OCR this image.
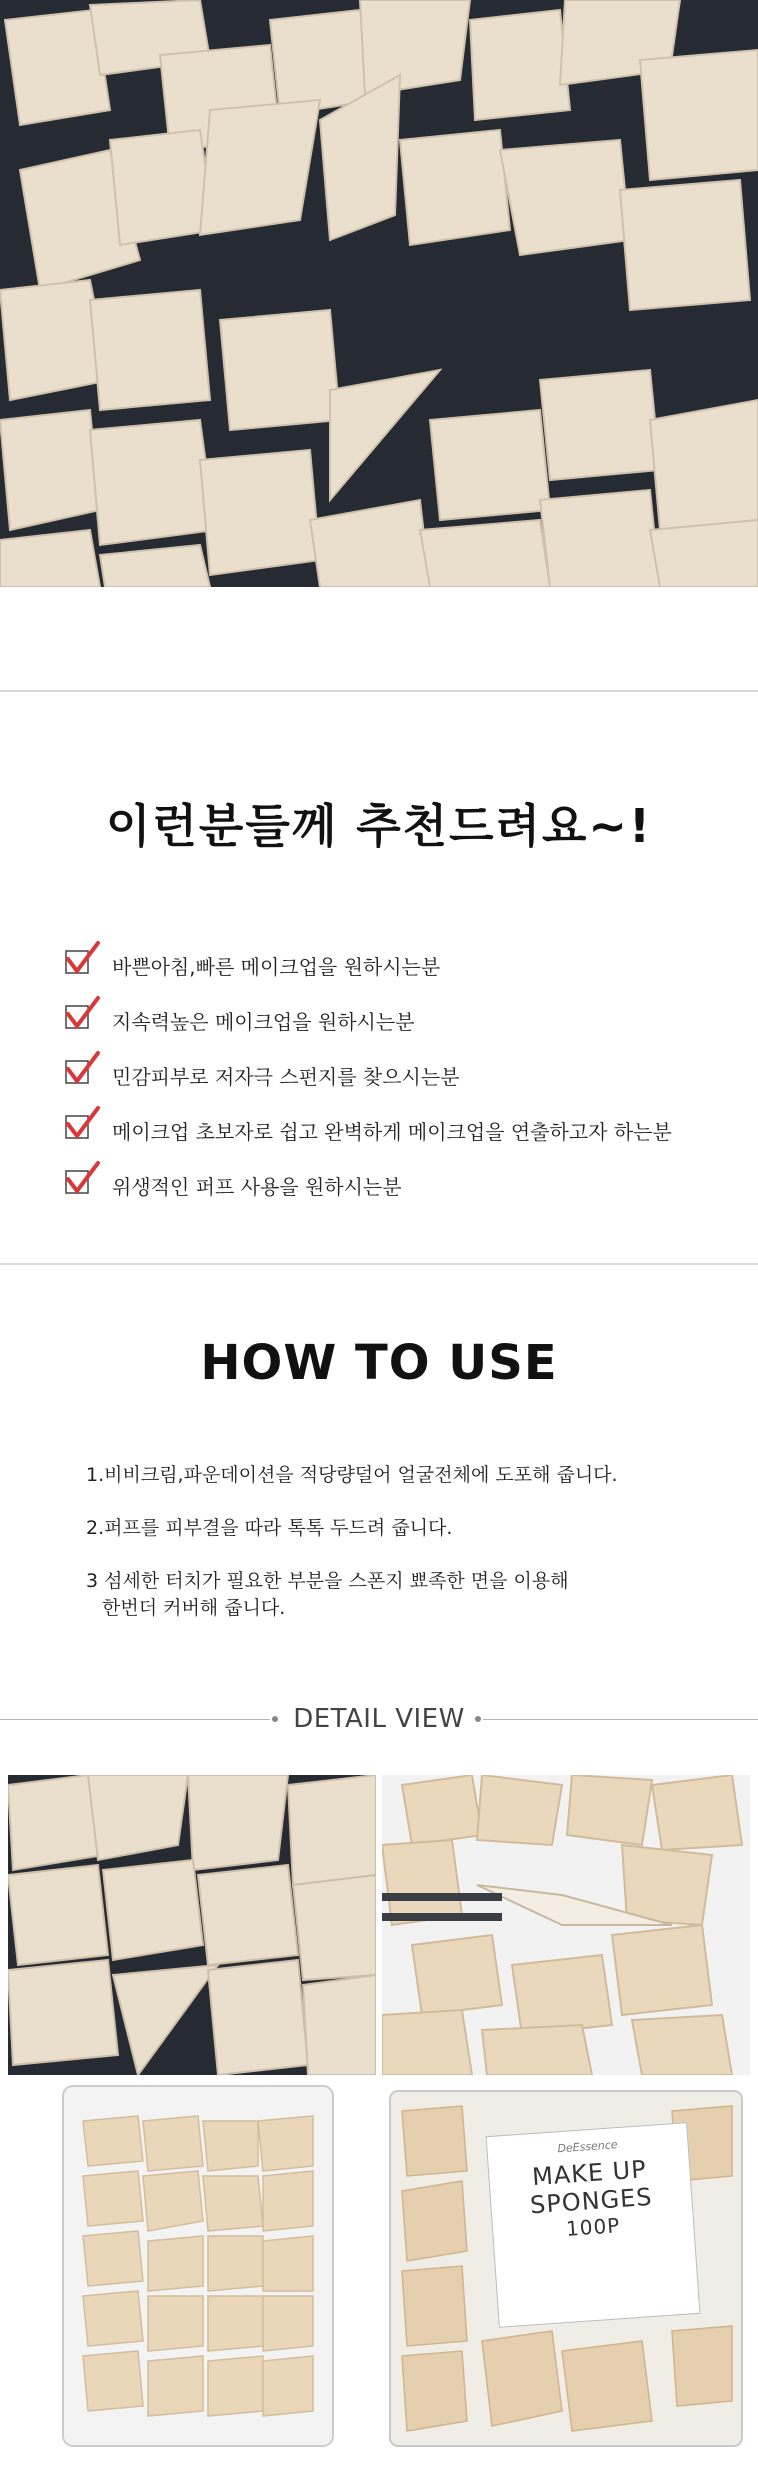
이런분들께 추천드려요~!
바쁜아침,빠른 메이크업을 원하시는분
지속력높은 메이크업을 원하시는분
민감피부로 저자극 스펀지를 찾으시는분
메이크업 초보자로 쉽고 완벽하게 메이크업을 연출하고자 하는분
위생적인 퍼프 사용을 원하시는분
HOW TO USE
1.비비크림,파운데이션을 적당량덜어 얼굴전체에 도포해 줍니다.
2.퍼프를 피부결을 따라 톡톡 두드려 줍니다.
3 섬세한 터치가 필요한 부분을 스폰지 뾰족한 면을 이용해
한번더 커버해 줍니다.
DETAIL VIEW
DeEssence
MAKE UP
SPONGES
100P
